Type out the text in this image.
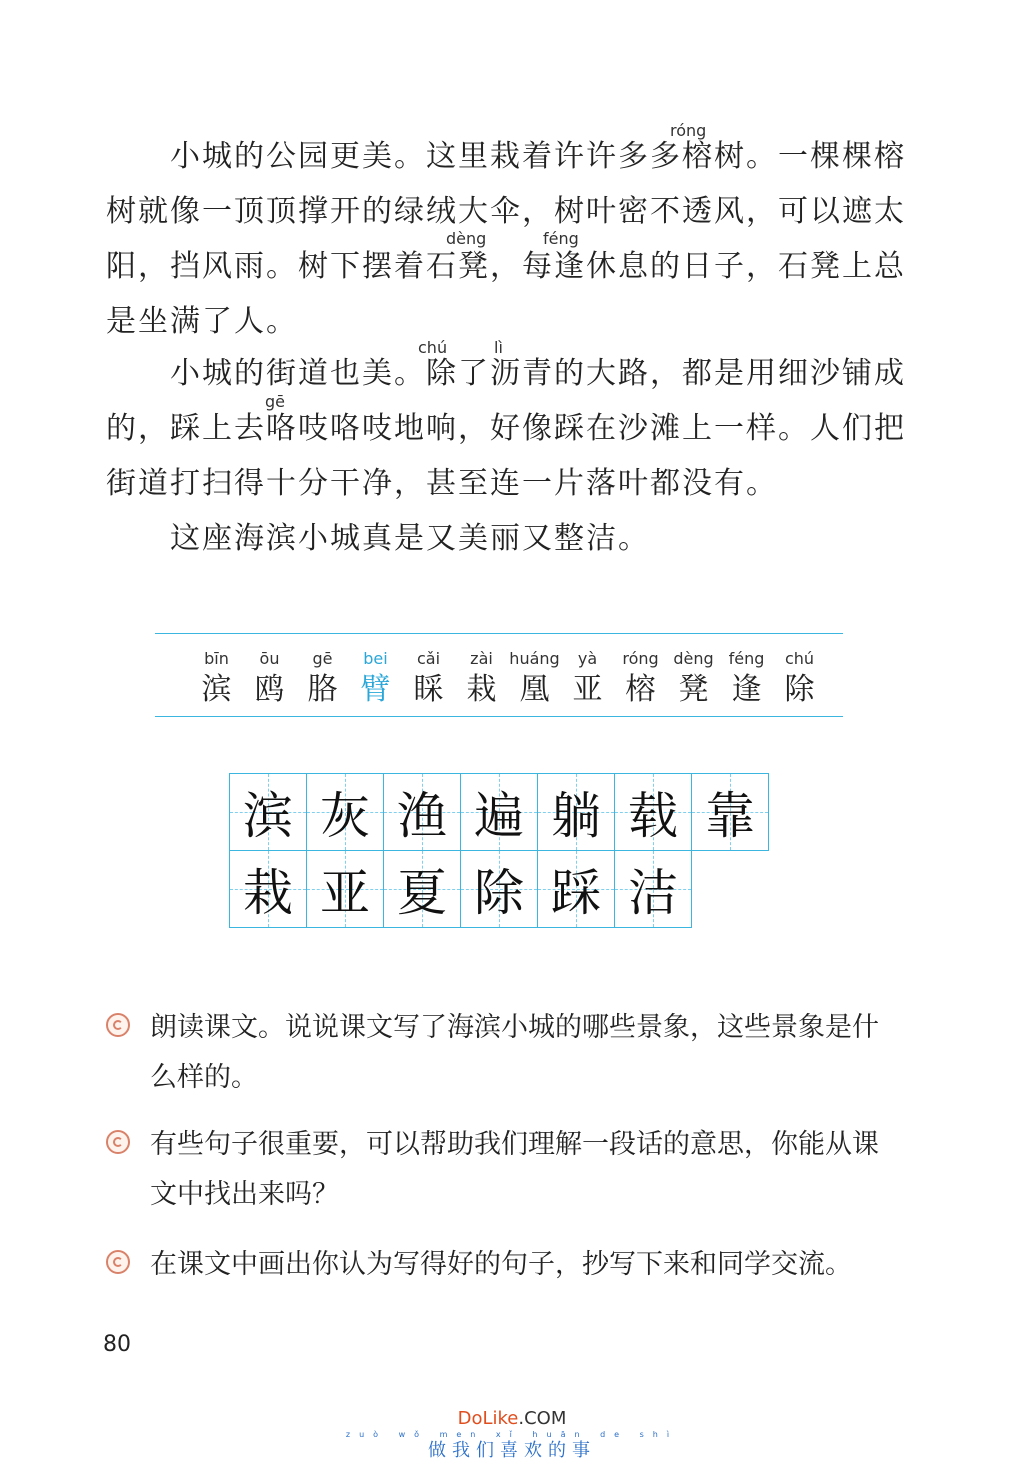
　　小城的公园更美。这里栽着许许多多榕树。一棵棵榕
树就像一顶顶撑开的绿绒大伞，树叶密不透风，可以遮太
阳，挡风雨。树下摆着石凳，每逢休息的日子，石凳上总
是坐满了人。
　　小城的街道也美。除了沥青的大路，都是用细沙铺成
的，踩上去咯吱咯吱地响，好像踩在沙滩上一样。人们把
街道打扫得十分干净，甚至连一片落叶都没有。
　　这座海滨小城真是又美丽又整洁。
róng
dèng	féng
chú	lì
gē
bīn
滨
ōu
鸥
gē
胳
bei
臂
cǎi
睬
zài
栽
huáng
凰
yà
亚
róng
榕
dèng
凳
féng
逢
chú
除
滨 灰 渔 遍 躺 载 靠
栽 亚 夏 除 踩 洁
朗读课文。说说课文写了海滨小城的哪些景象，这些景象是什
么样的。
有些句子很重要，可以帮助我们理解一段话的意思，你能从课
文中找出来吗？
在课文中画出你认为写得好的句子，抄写下来和同学交流。
80
DoLike.COM
zuò wǒ men xǐ huān de shì
做我们喜欢的事
